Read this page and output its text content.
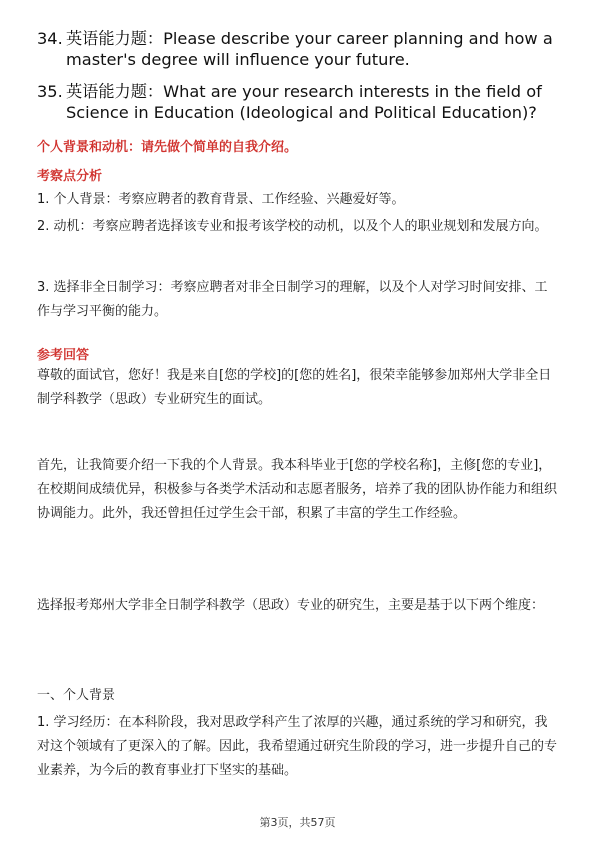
34. 英语能力题：Please describe your career planning and how a master's degree will influence your future.
35. 英语能力题：What are your research interests in the field of Science in Education (Ideological and Political Education)?
个人背景和动机：请先做个简单的自我介绍。
考察点分析
1. 个人背景：考察应聘者的教育背景、工作经验、兴趣爱好等。
2. 动机：考察应聘者选择该专业和报考该学校的动机，以及个人的职业规划和发展方向。
3. 选择非全日制学习：考察应聘者对非全日制学习的理解，以及个人对学习时间安排、工作与学习平衡的能力。
参考回答
尊敬的面试官，您好！我是来自[您的学校]的[您的姓名]，很荣幸能够参加郑州大学非全日制学科教学（思政）专业研究生的面试。
首先，让我简要介绍一下我的个人背景。我本科毕业于[您的学校名称]，主修[您的专业]，在校期间成绩优异，积极参与各类学术活动和志愿者服务，培养了我的团队协作能力和组织协调能力。此外，我还曾担任过学生会干部，积累了丰富的学生工作经验。
选择报考郑州大学非全日制学科教学（思政）专业的研究生，主要是基于以下两个维度：
一、个人背景
1. 学习经历：在本科阶段，我对思政学科产生了浓厚的兴趣，通过系统的学习和研究，我对这个领域有了更深入的了解。因此，我希望通过研究生阶段的学习，进一步提升自己的专业素养，为今后的教育事业打下坚实的基础。
第3页，共57页
